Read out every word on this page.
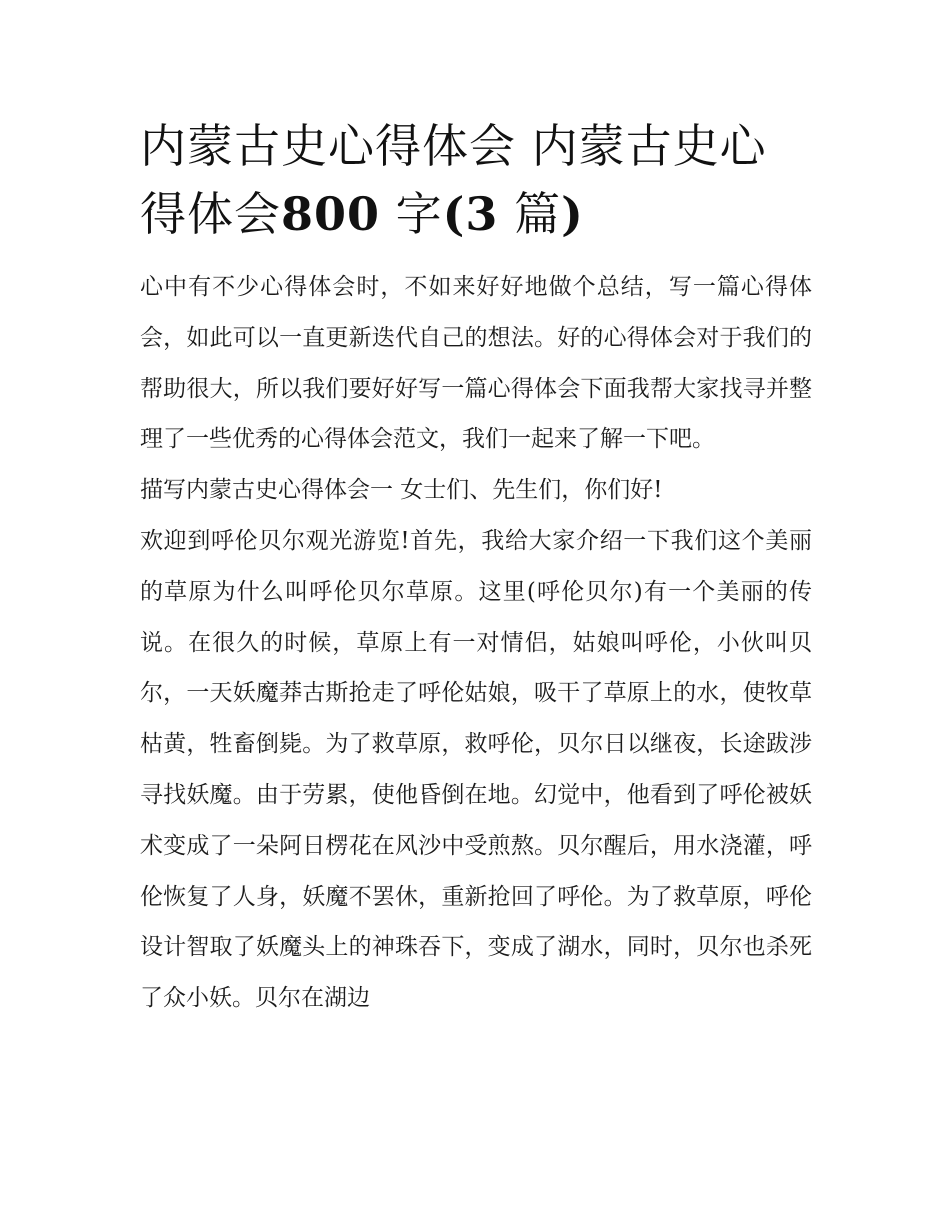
内蒙古史心得体会 内蒙古史心得体会800 字(3 篇)

心中有不少心得体会时，不如来好好地做个总结，写一篇心得体会，如此可以一直更新迭代自己的想法。好的心得体会对于我们的帮助很大，所以我们要好好写一篇心得体会下面我帮大家找寻并整理了一些优秀的心得体会范文，我们一起来了解一下吧。

描写内蒙古史心得体会一 女士们、先生们，你们好!

欢迎到呼伦贝尔观光游览!首先，我给大家介绍一下我们这个美丽的草原为什么叫呼伦贝尔草原。这里(呼伦贝尔)有一个美丽的传说。在很久的时候，草原上有一对情侣，姑娘叫呼伦，小伙叫贝尔，一天妖魔莽古斯抢走了呼伦姑娘，吸干了草原上的水，使牧草枯黄，牲畜倒毙。为了救草原，救呼伦，贝尔日以继夜，长途跋涉寻找妖魔。由于劳累，使他昏倒在地。幻觉中，他看到了呼伦被妖术变成了一朵阿日楞花在风沙中受煎熬。贝尔醒后，用水浇灌，呼伦恢复了人身，妖魔不罢休，重新抢回了呼伦。为了救草原，呼伦设计智取了妖魔头上的神珠吞下，变成了湖水，同时，贝尔也杀死了众小妖。贝尔在湖边
